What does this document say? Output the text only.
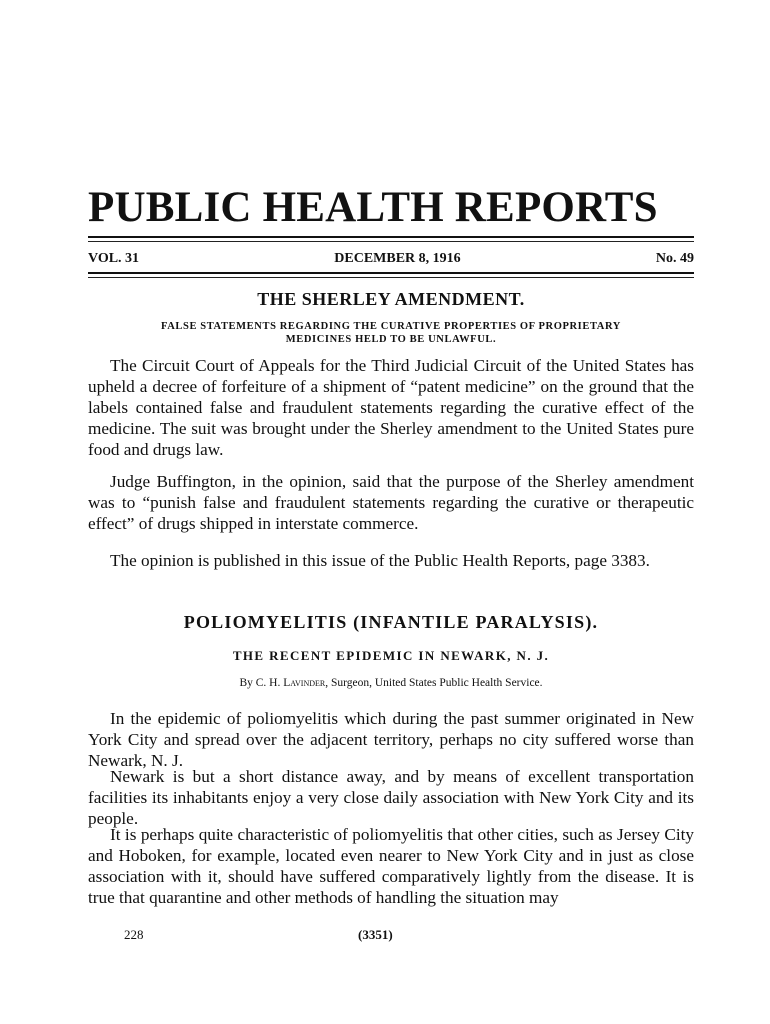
PUBLIC HEALTH REPORTS
VOL. 31	DECEMBER 8, 1916	No. 49
THE SHERLEY AMENDMENT.
FALSE STATEMENTS REGARDING THE CURATIVE PROPERTIES OF PROPRIETARY
MEDICINES HELD TO BE UNLAWFUL.

The Circuit Court of Appeals for the Third Judicial Circuit of the United States has upheld a decree of forfeiture of a shipment of “patent medicine” on the ground that the labels contained false and fraudulent statements regarding the curative effect of the medicine. The suit was brought under the Sherley amendment to the United States pure food and drugs law.

Judge Buffington, in the opinion, said that the purpose of the Sherley amendment was to “punish false and fraudulent statements regarding the curative or therapeutic effect” of drugs shipped in interstate commerce.

The opinion is published in this issue of the Public Health Reports, page 3383.

POLIOMYELITIS (INFANTILE PARALYSIS).
THE RECENT EPIDEMIC IN NEWARK, N. J.
By C. H. Lavinder, Surgeon, United States Public Health Service.

In the epidemic of poliomyelitis which during the past summer originated in New York City and spread over the adjacent territory, perhaps no city suffered worse than Newark, N. J.

Newark is but a short distance away, and by means of excellent transportation facilities its inhabitants enjoy a very close daily association with New York City and its people.

It is perhaps quite characteristic of poliomyelitis that other cities, such as Jersey City and Hoboken, for example, located even nearer to New York City and in just as close association with it, should have suffered comparatively lightly from the disease. It is true that quarantine and other methods of handling the situation may

228	(3351)
